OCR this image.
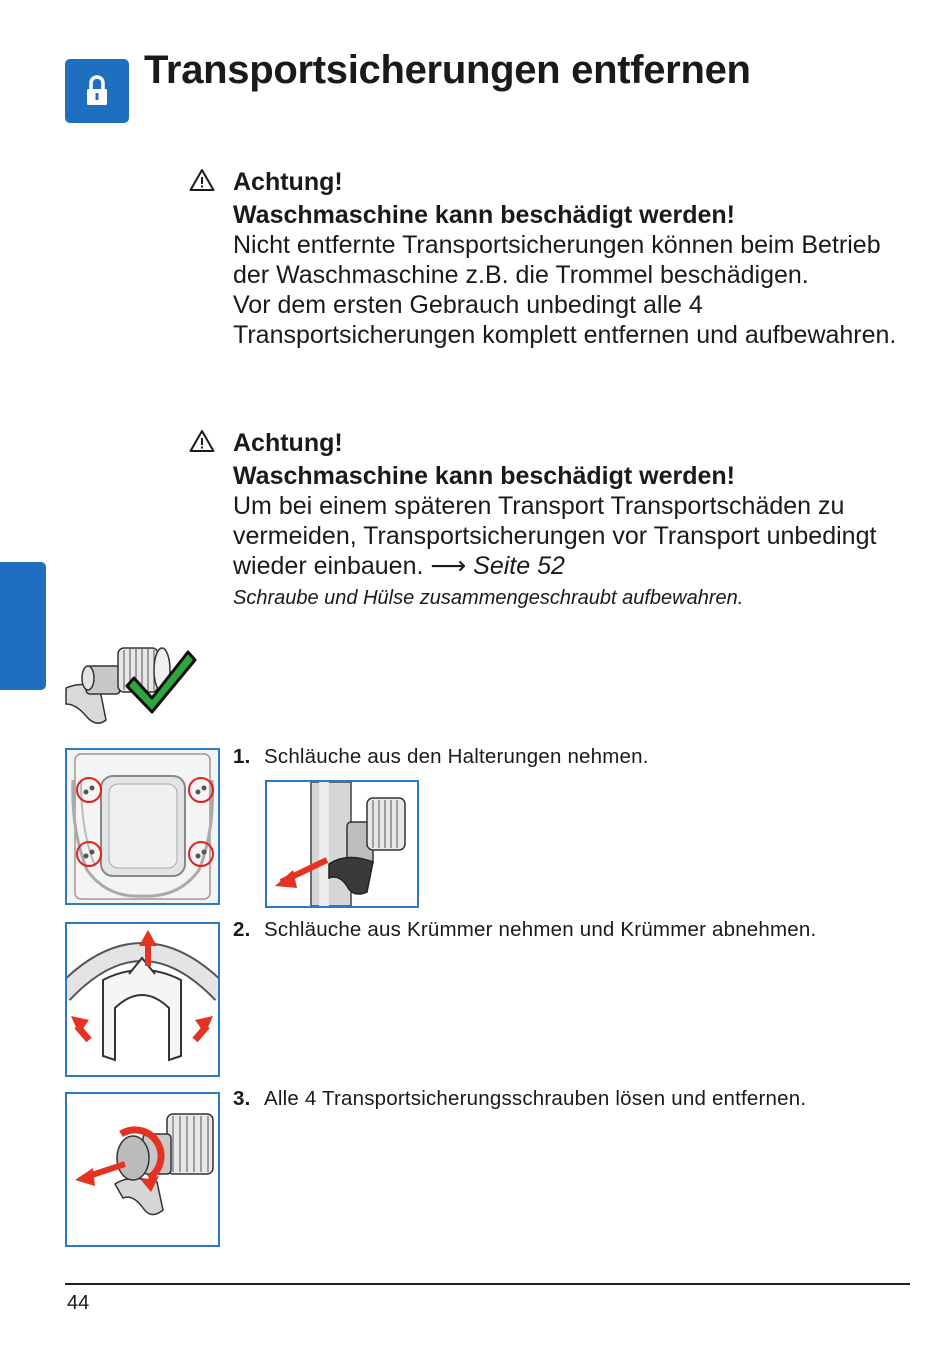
Transportsicherungen entfernen

Achtung!

Waschmaschine kann beschädigt werden!

Nicht entfernte Transportsicherungen können beim Betrieb der Waschmaschine z.B. die Trommel beschädigen.

Vor dem ersten Gebrauch unbedingt alle 4 Transportsicherungen komplett entfernen und aufbewahren.

Achtung!

Waschmaschine kann beschädigt werden!

Um bei einem späteren Transport Transportschäden zu vermeiden, Transportsicherungen vor Transport unbedingt wieder einbauen. ⟶ Seite 52

Schraube und Hülse zusammengeschraubt aufbewahren.
1. Schläuche aus den Halterungen nehmen.
2. Schläuche aus Krümmer nehmen und Krümmer abnehmen.
3. Alle 4 Transportsicherungsschrauben lösen und entfernen.
44
